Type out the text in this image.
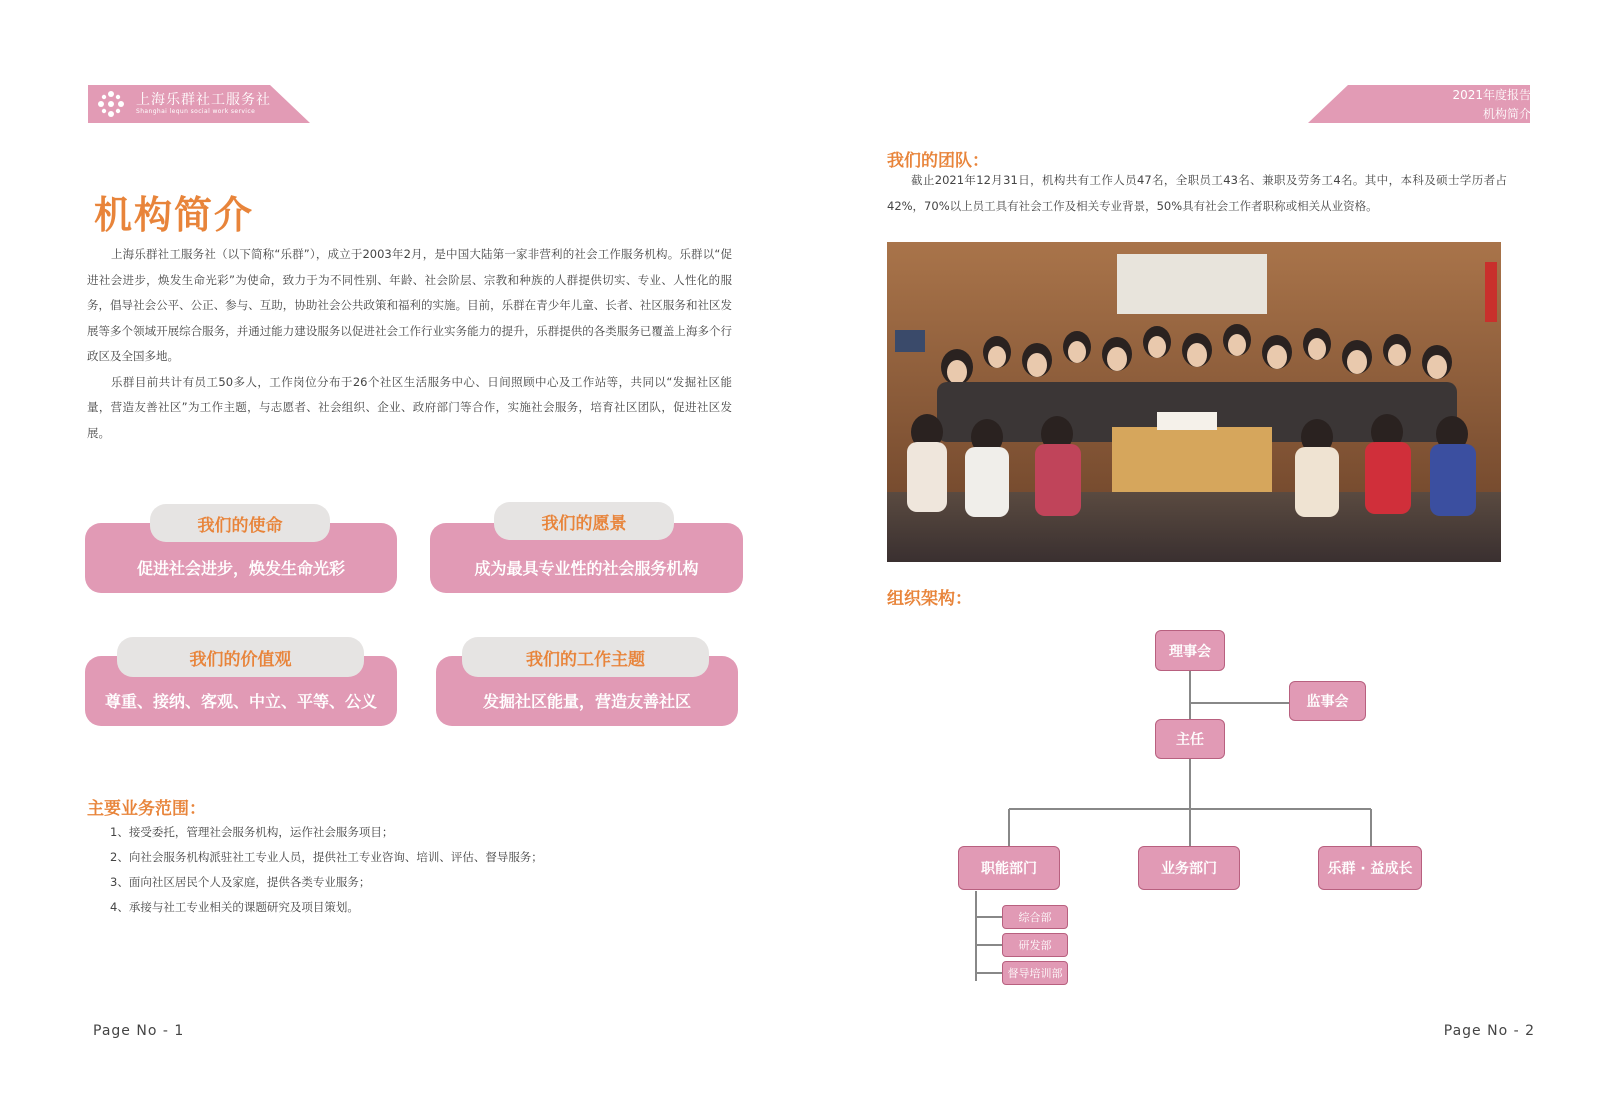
上海乐群社工服务社
Shanghai lequn social work service
2021年度报告
机构简介
机构简介

上海乐群社工服务社（以下简称“乐群”），成立于2003年2月，是中国大陆第一家非营利的社会工作服务机构。乐群以“促进社会进步，焕发生命光彩”为使命，致力于为不同性别、年龄、社会阶层、宗教和种族的人群提供切实、专业、人性化的服务，倡导社会公平、公正、参与、互助，协助社会公共政策和福利的实施。目前，乐群在青少年儿童、长者、社区服务和社区发展等多个领域开展综合服务，并通过能力建设服务以促进社会工作行业实务能力的提升，乐群提供的各类服务已覆盖上海多个行政区及全国多地。

乐群目前共计有员工50多人，工作岗位分布于26个社区生活服务中心、日间照顾中心及工作站等，共同以“发掘社区能量，营造友善社区”为工作主题，与志愿者、社会组织、企业、政府部门等合作，实施社会服务，培育社区团队，促进社区发展。

促进社会进步，焕发生命光彩
我们的使命
成为最具专业性的社会服务机构
我们的愿景
尊重、接纳、客观、中立、平等、公义
我们的价值观
发掘社区能量，营造友善社区
我们的工作主题
主要业务范围：
1、接受委托，管理社会服务机构，运作社会服务项目；
2、向社会服务机构派驻社工专业人员，提供社工专业咨询、培训、评估、督导服务；
3、面向社区居民个人及家庭，提供各类专业服务；
4、承接与社工专业相关的课题研究及项目策划。
Page No - 1
我们的团队：
截止2021年12月31日，机构共有工作人员47名，全职员工43名、兼职及劳务工4名。其中，本科及硕士学历者占42%，70%以上员工具有社会工作及相关专业背景，50%具有社会工作者职称或相关从业资格。
组织架构：
理事会
监事会
主任
职能部门	业务部门	乐群 · 益成长
综合部
研发部
督导培训部
Page No - 2
